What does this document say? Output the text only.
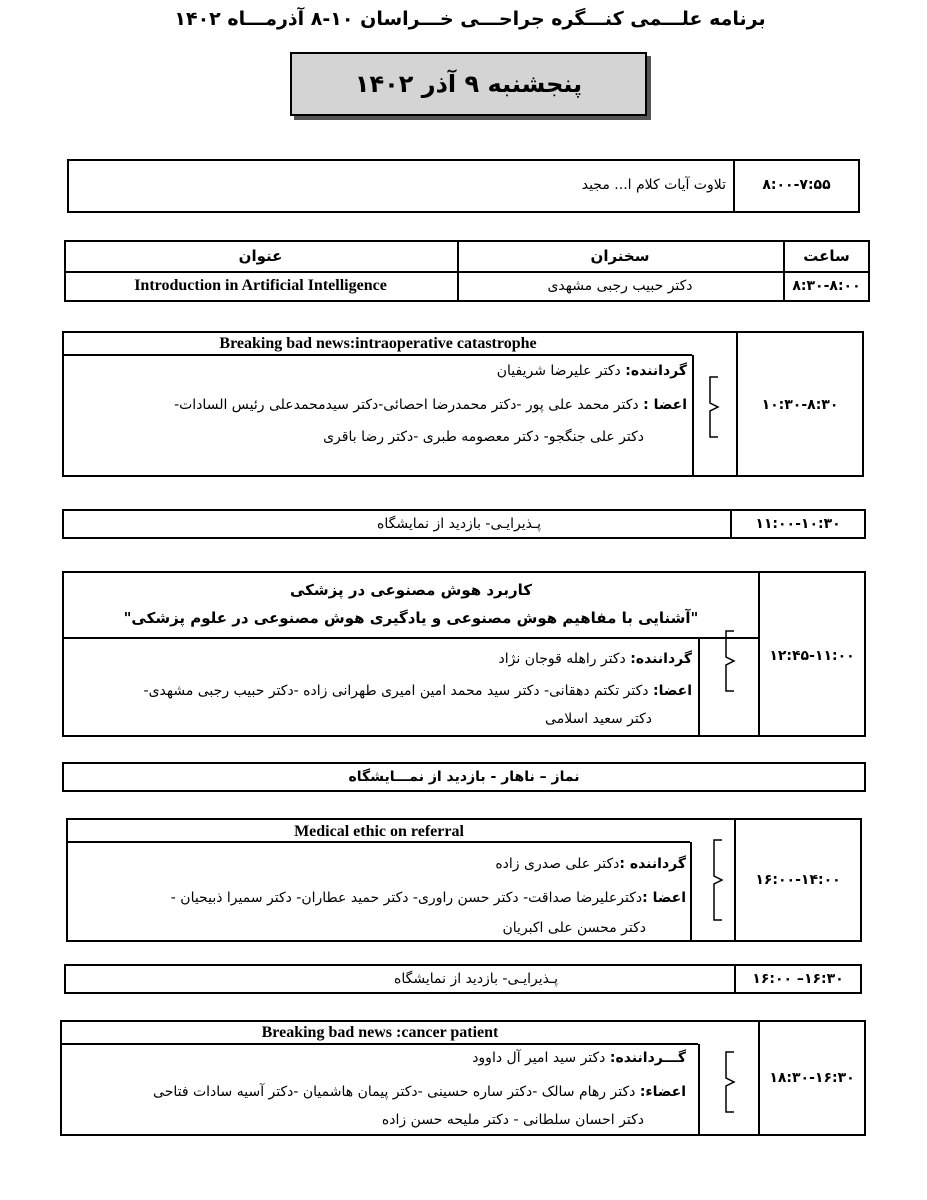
برنامه علـــمی کنـــگره جراحـــی خـــراسان ۱۰-۸ آذرمـــاه ۱۴۰۲
پنجشنبه ۹ آذر ۱۴۰۲
۸:۰۰-۷:۵۵
تلاوت آیات کلام ا... مجید
ساعت
سخنران
عنوان
۸:۳۰-۸:۰۰
دکتر حبیب رجبی مشهدی
Introduction in Artificial Intelligence
Breaking bad news:intraoperative catastrophe
۱۰:۳۰-۸:۳۰
گرداننده: دکتر علیرضا شریفیان
اعضا : دکتر محمد علی پور -دکتر محمدرضا احصائی-دکتر سیدمحمدعلی رئیس السادات-
دکتر علی جنگجو- دکتر معصومه طبری -دکتر رضا باقری
۱۱:۰۰-۱۰:۳۰
پـذیرایـی- بازدید از نمایشگاه
کاربرد هوش مصنوعی در پزشکی
"آشنایی با مفاهیم هوش مصنوعی و یادگیری هوش مصنوعی در علوم پزشکی"
۱۲:۴۵-۱۱:۰۰
گرداننده: دکتر راهله قوجان نژاد
اعضا: دکتر تکتم دهقانی- دکتر سید محمد امین امیری طهرانی زاده -دکتر حبیب رجبی مشهدی-
دکتر سعید اسلامی
نماز – ناهار - بازدید از نمـــایشگاه
Medical ethic on referral
۱۶:۰۰-۱۴:۰۰
گرداننده :دکتر علی صدری زاده
اعضا :دکترعلیرضا صداقت- دکتر حسن راوری- دکتر حمید عطاران- دکتر سمیرا ذبیحیان -
دکتر محسن علی اکبریان
۱۶:۳۰– ۱۶:۰۰
پـذیرایـی- بازدید از نمایشگاه
Breaking bad news :cancer patient
۱۸:۳۰-۱۶:۳۰
گـــرداننده: دکتر سید امیر آل داوود
اعضاء: دکتر رهام سالک -دکتر ساره حسینی -دکتر پیمان هاشمیان -دکتر آسیه سادات فتاحی
دکتر احسان سلطانی - دکتر ملیحه حسن زاده
